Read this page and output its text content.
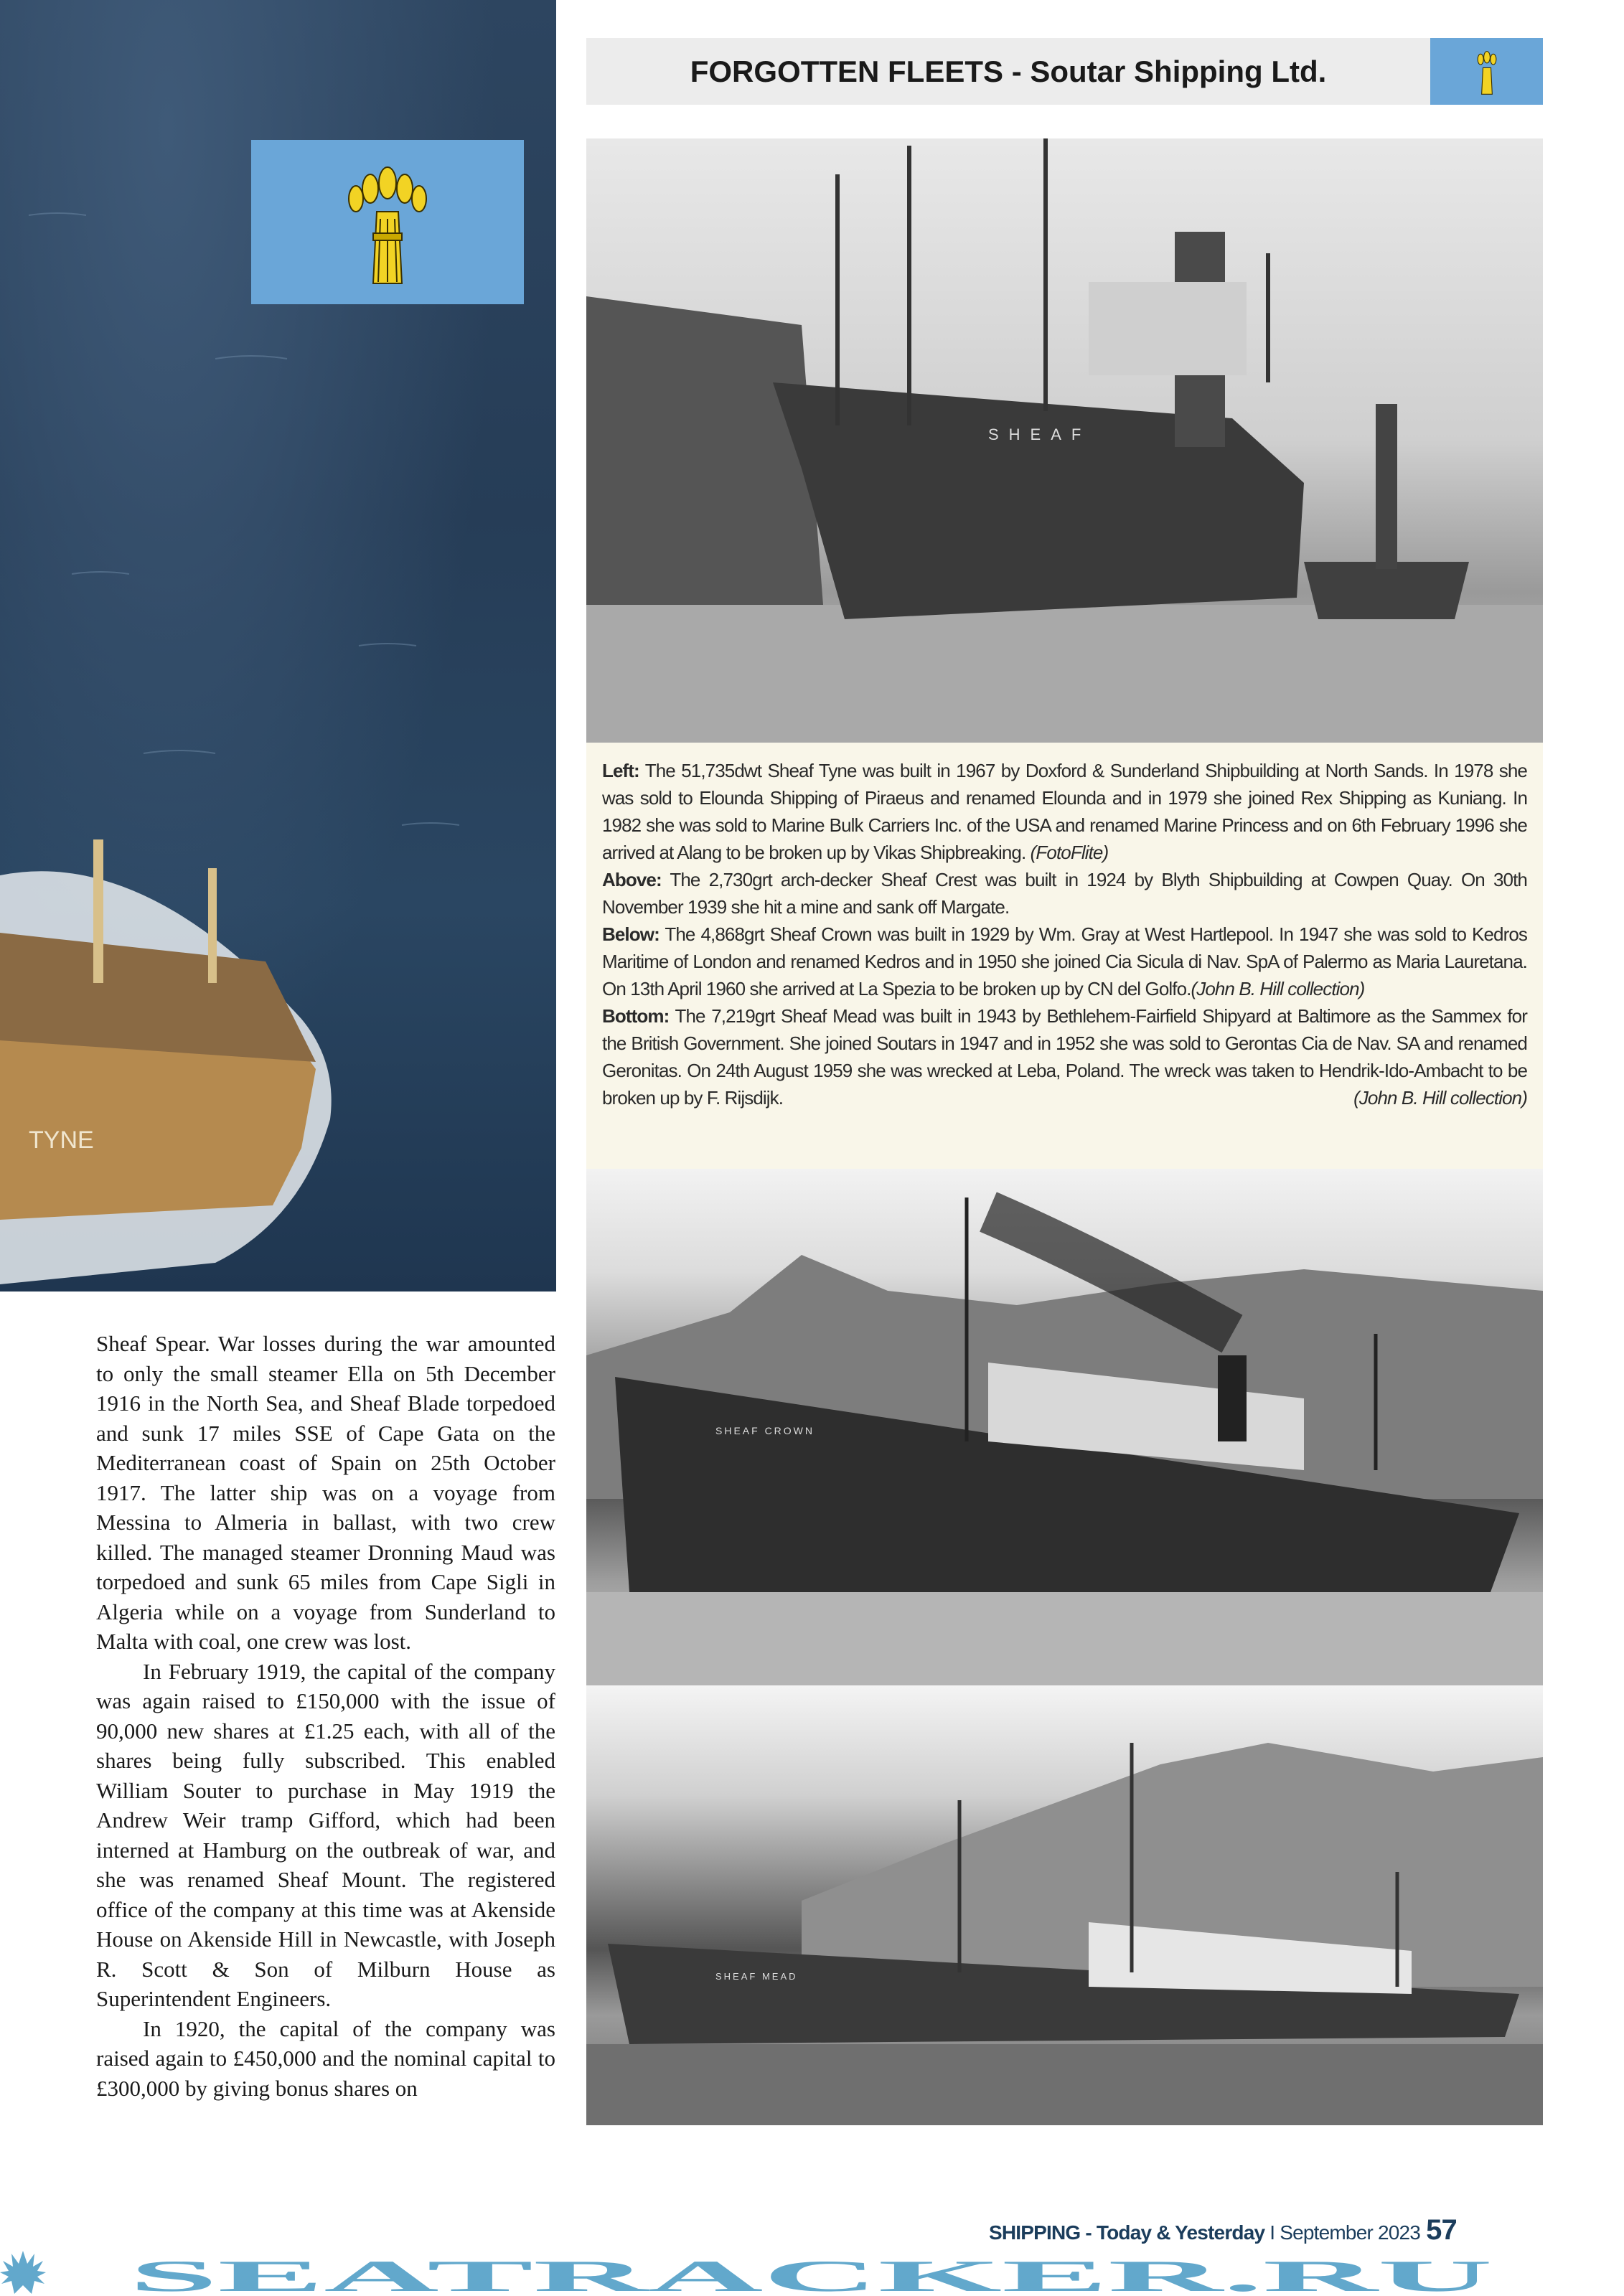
TYNE
FORGOTTEN FLEETS - Soutar Shipping Ltd.
SHEAF

Left: The 51,735dwt Sheaf Tyne was built in 1967 by Doxford & Sunderland Shipbuilding at North Sands. In 1978 she was sold to Elounda Shipping of Piraeus and renamed Elounda and in 1979 she joined Rex Shipping as Kuniang. In 1982 she was sold to Marine Bulk Carriers Inc. of the USA and renamed Marine Princess and on 6th February 1996 she arrived at Alang to be broken up by Vikas Shipbreaking. (FotoFlite)

Above: The 2,730grt arch-decker Sheaf Crest was built in 1924 by Blyth Shipbuilding at Cowpen Quay. On 30th November 1939 she hit a mine and sank off Margate.

Below: The 4,868grt Sheaf Crown was built in 1929 by Wm. Gray at West Hartlepool. In 1947 she was sold to Kedros Maritime of London and renamed Kedros and in 1950 she joined Cia Sicula di Nav. SpA of Palermo as Maria Lauretana. On 13th April 1960 she arrived at La Spezia to be broken up by CN del Golfo.(John B. Hill collection)

Bottom: The 7,219grt Sheaf Mead was built in 1943 by Bethlehem-Fairfield Shipyard at Baltimore as the Sammex for the British Government. She joined Soutars in 1947 and in 1952 she was sold to Gerontas Cia de Nav. SA and renamed Geronitas. On 24th August 1959 she was wrecked at Leba, Poland. The wreck was taken to Hendrik-Ido-Ambacht to be broken up by F. Rijsdijk.	(John B. Hill collection)

SHEAF CROWN
SHEAF MEAD

Sheaf Spear. War losses during the war amounted to only the small steamer Ella on 5th December 1916 in the North Sea, and Sheaf Blade torpedoed and sunk 17 miles SSE of Cape Gata on the Mediterranean coast of Spain on 25th October 1917. The latter ship was on a voyage from Messina to Almeria in ballast, with two crew killed. The managed steamer Dronning Maud was torpedoed and sunk 65 miles from Cape Sigli in Algeria while on a voyage from Sunderland to Malta with coal, one crew was lost.

In February 1919, the capital of the company was again raised to £150,000 with the issue of 90,000 new shares at £1.25 each, with all of the shares being fully subscribed. This enabled William Souter to purchase in May 1919 the Andrew Weir tramp Gifford, which had been interned at Hamburg on the outbreak of war, and she was renamed Sheaf Mount. The registered office of the company at this time was at Akenside House on Akenside Hill in Newcastle, with Joseph R. Scott & Son of Milburn House as Superintendent Engineers.

In 1920, the capital of the company was raised again to £450,000 and the nominal capital to £300,000 by giving bonus shares on

SHIPPING - Today & Yesterday I September 2023 57
SEATRACKER.RU
